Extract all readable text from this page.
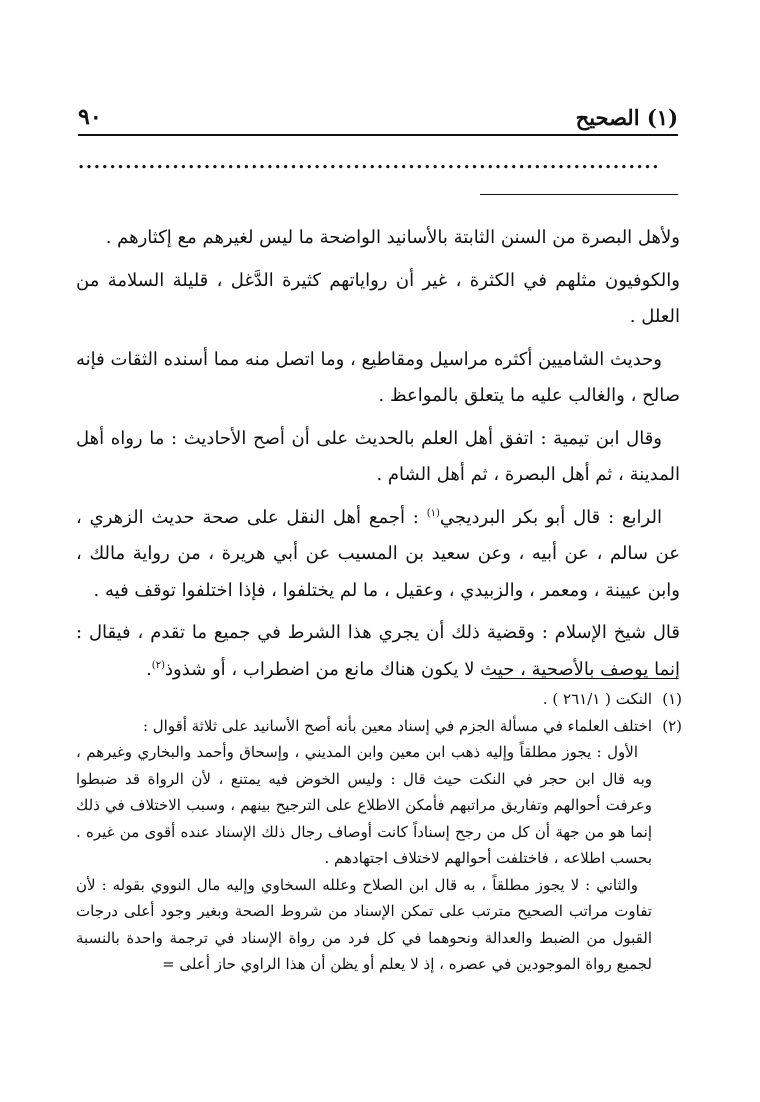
٩٠	(١) الصحيح
..........................................................................

ولأهل البصرة من السنن الثابتة بالأسانيد الواضحة ما ليس لغيرهم مع إكثارهم .

والكوفيون مثلهم في الكثرة ، غير أن رواياتهم كثيرة الدَّغل ، قليلة السلامة من العلل .

وحديث الشاميين أكثره مراسيل ومقاطيع ، وما اتصل منه مما أسنده الثقات فإنه صالح ، والغالب عليه ما يتعلق بالمواعظ .

وقال ابن تيمية : اتفق أهل العلم بالحديث على أن أصح الأحاديث : ما رواه أهل المدينة ، ثم أهل البصرة ، ثم أهل الشام .

الرابع : قال أبو بكر البرديجي$^{(١)}$ : أجمع أهل النقل على صحة حديث الزهري ، عن سالم ، عن أبيه ، وعن سعيد بن المسيب عن أبي هريرة ، من رواية مالك ، وابن عيينة ، ومعمر ، والزبيدي ، وعقيل ، ما لم يختلفوا ، فإذا اختلفوا توقف فيه .

قال شيخ الإسلام : وقضية ذلك أن يجري هذا الشرط في جميع ما تقدم ، فيقال : إنما يوصف بالأصحية ، حيث لا يكون هناك مانع من اضطراب ، أو شذوذ$^{(٢)}$.

(١)
النكت ( ٢٦١/١ ) .

(٢)
اختلف العلماء في مسألة الجزم في إسناد معين بأنه أصح الأسانيد على ثلاثة أقوال :

الأول : يجوز مطلقاً وإليه ذهب ابن معين وابن المديني ، وإسحاق وأحمد والبخاري وغيرهم ، وبه قال ابن حجر في النكت حيث قال : وليس الخوض فيه يمتنع ، لأن الرواة قد ضبطوا وعرفت أحوالهم وتفاريق مراتبهم فأمكن الاطلاع على الترجيح بينهم ، وسبب الاختلاف في ذلك إنما هو من جهة أن كل من رجح إسناداً كانت أوصاف رجال ذلك الإسناد عنده أقوى من غيره . بحسب اطلاعه ، فاختلفت أحوالهم لاختلاف اجتهادهم .

والثاني : لا يجوز مطلقاً ، به قال ابن الصلاح وعلله السخاوي وإليه مال النووي بقوله : لأن تفاوت مراتب الصحيح مترتب على تمكن الإسناد من شروط الصحة وبغير وجود أعلى درجات القبول من الضبط والعدالة ونحوهما في كل فرد من رواة الإسناد في ترجمة واحدة بالنسبة لجميع رواة الموجودين في عصره ، إذ لا يعلم أو يظن أن هذا الراوي حاز أعلى =
